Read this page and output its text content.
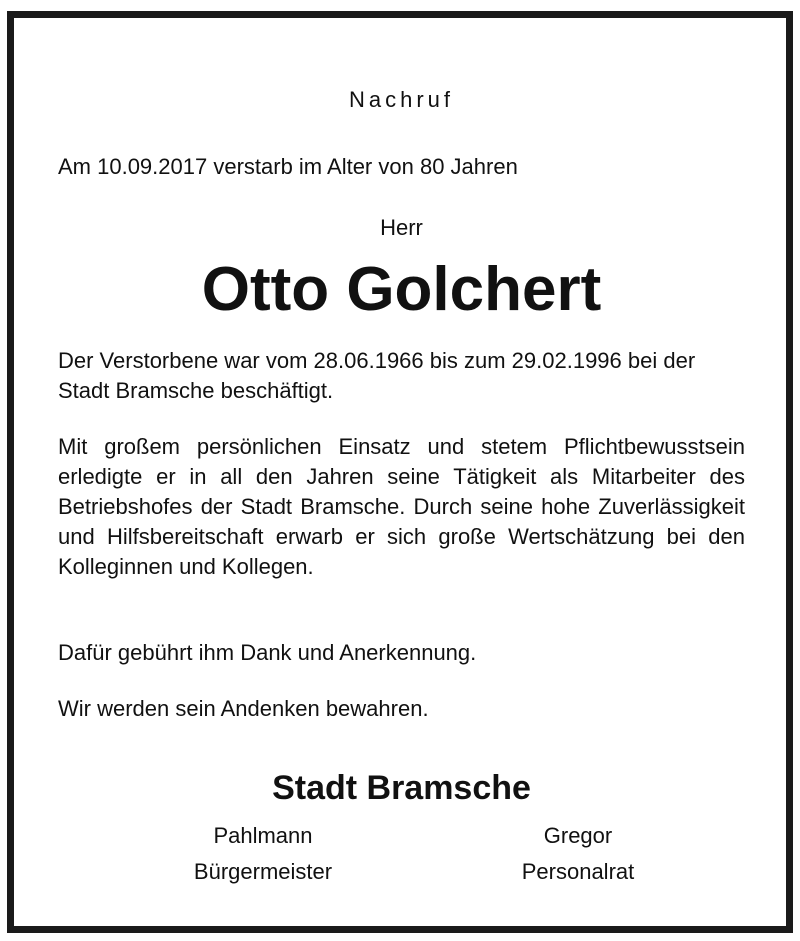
Nachruf
Am 10.09.2017 verstarb im Alter von 80 Jahren
Herr
Otto Golchert

Der Verstorbene war vom 28.06.1966 bis zum 29.02.1996 bei der Stadt Bramsche beschäftigt.

Mit großem persönlichen Einsatz und stetem Pflichtbewusstsein erledigte er in all den Jahren seine Tätigkeit als Mitarbeiter des Betriebshofes der Stadt Bramsche. Durch seine hohe Zuverlässigkeit und Hilfsbereitschaft erwarb er sich große Wertschätzung bei den Kolleginnen und Kollegen.

Dafür gebührt ihm Dank und Anerkennung.

Wir werden sein Andenken bewahren.

Stadt Bramsche
Pahlmann
Bürgermeister
Gregor
Personalrat
